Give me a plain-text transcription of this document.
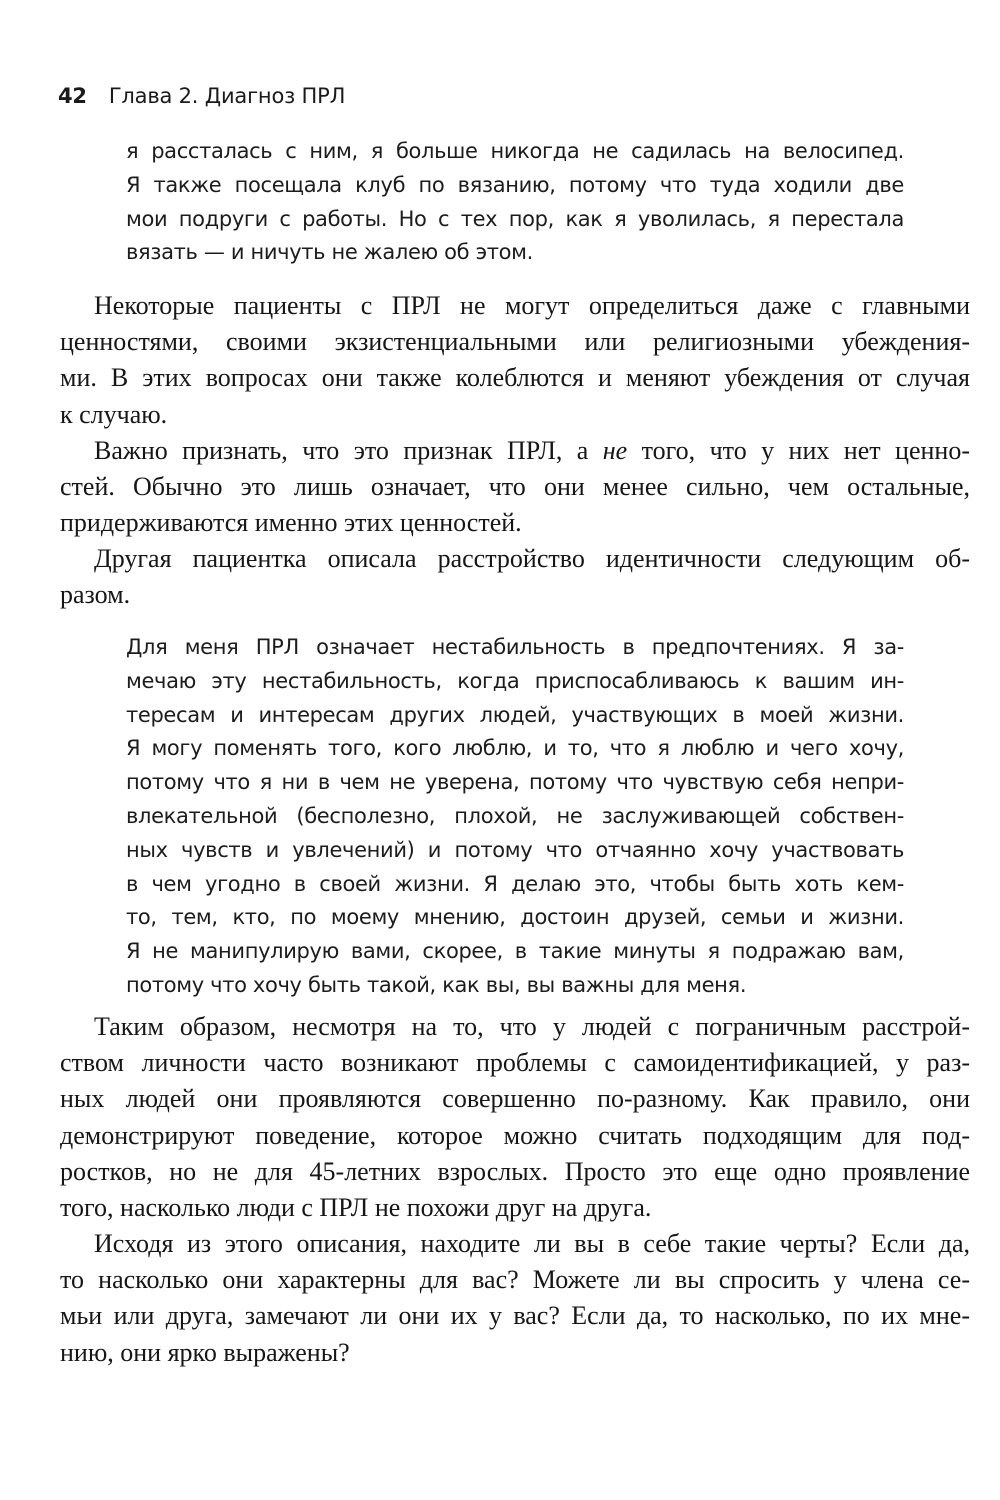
42 Глава 2. Диагноз ПРЛ
я рассталась с ним, я больше никогда не садилась на велосипед.
Я также посещала клуб по вязанию, потому что туда ходили две
мои подруги с работы. Но с тех пор, как я уволилась, я перестала
вязать — и ничуть не жалею об этом.
Некоторые пациенты с ПРЛ не могут определиться даже с главными
ценностями, своими экзистенциальными или религиозными убеждения-
ми. В этих вопросах они также колеблются и меняют убеждения от случая
к случаю.
Важно признать, что это признак ПРЛ, а не того, что у них нет ценно-
стей. Обычно это лишь означает, что они менее сильно, чем остальные,
придерживаются именно этих ценностей.
Другая пациентка описала расстройство идентичности следующим об-
разом.
Для меня ПРЛ означает нестабильность в предпочтениях. Я за-
мечаю эту нестабильность, когда приспосабливаюсь к вашим ин-
тересам и интересам других людей, участвующих в моей жизни.
Я могу поменять того, кого люблю, и то, что я люблю и чего хочу,
потому что я ни в чем не уверена, потому что чувствую себя непри-
влекательной (бесполезно, плохой, не заслуживающей собствен-
ных чувств и увлечений) и потому что отчаянно хочу участвовать
в чем угодно в своей жизни. Я делаю это, чтобы быть хоть кем-
то, тем, кто, по моему мнению, достоин друзей, семьи и жизни.
Я не манипулирую вами, скорее, в такие минуты я подражаю вам,
потому что хочу быть такой, как вы, вы важны для меня.
Таким образом, несмотря на то, что у людей с пограничным расстрой-
ством личности часто возникают проблемы с самоидентификацией, у раз-
ных людей они проявляются совершенно по-разному. Как правило, они
демонстрируют поведение, которое можно считать подходящим для под-
ростков, но не для 45-летних взрослых. Просто это еще одно проявление
того, насколько люди с ПРЛ не похожи друг на друга.
Исходя из этого описания, находите ли вы в себе такие черты? Если да,
то насколько они характерны для вас? Можете ли вы спросить у члена се-
мьи или друга, замечают ли они их у вас? Если да, то насколько, по их мне-
нию, они ярко выражены?
